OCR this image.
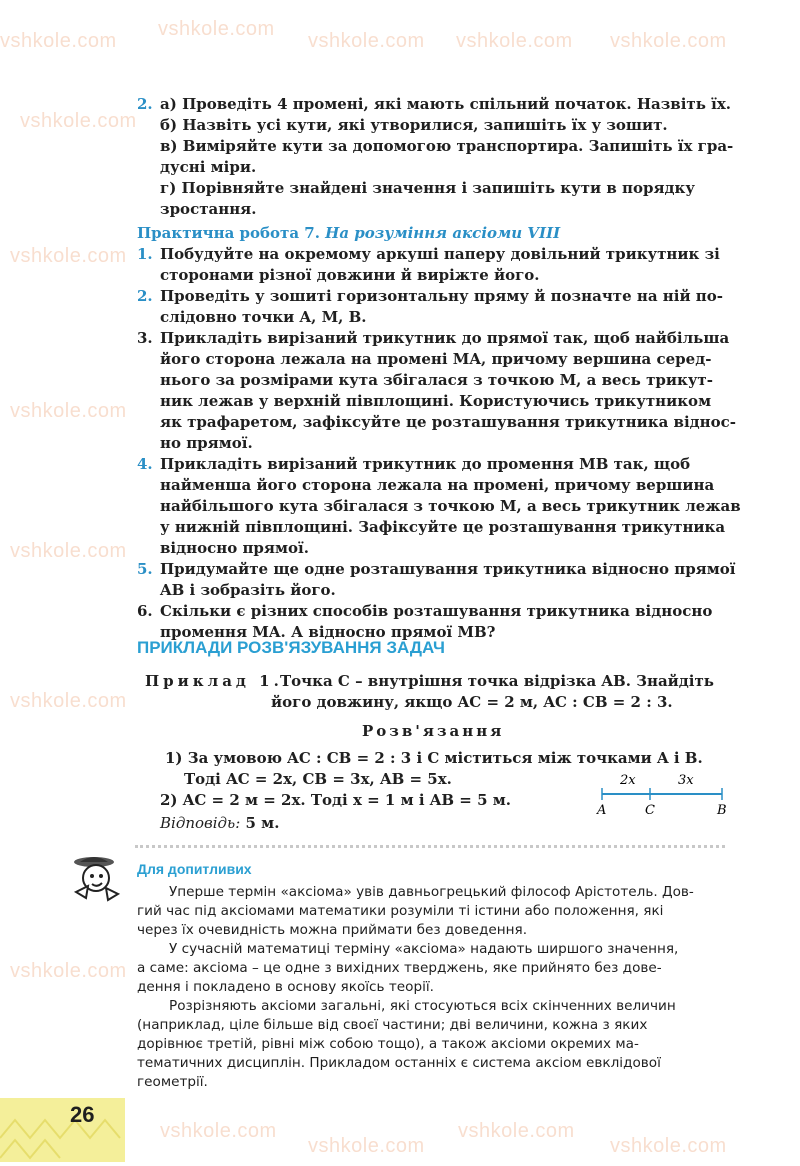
vshkole.com
vshkole.com
vshkole.com vshkole.com vshkole.com
vshkole.com
vshkole.com
vshkole.com
vshkole.com
vshkole.com
vshkole.com
vshkole.com
vshkole.com
vshkole.com
vshkole.com
2. а) Проведіть 4 промені, які мають спільний початок. Назвіть їх.
б) Назвіть усі кути, які утворилися, запишіть їх у зошит.
в) Виміряйте кути за допомогою транспортира. Запишіть їх гра-
дусні міри.
г) Порівняйте знайдені значення і запишіть кути в порядку
зростання.
Практична робота 7. На розуміння аксіоми VIII
1. Побудуйте на окремому аркуші паперу довільний трикутник зі
сторонами різної довжини й виріжте його.
2. Проведіть у зошиті горизонтальну пряму й позначте на ній по-
слідовно точки A, M, B.
3. Прикладіть вирізаний трикутник до прямої так, щоб найбільша
його сторона лежала на промені MA, причому вершина серед-
нього за розмірами кута збігалася з точкою M, а весь трикут-
ник лежав у верхній півплощині. Користуючись трикутником
як трафаретом, зафіксуйте це розташування трикутника віднос-
но прямої.
4. Прикладіть вирізаний трикутник до промення MB так, щоб
найменша його сторона лежала на промені, причому вершина
найбільшого кута збігалася з точкою M, а весь трикутник лежав
у нижній півплощині. Зафіксуйте це розташування трикутника
відносно прямої.
5. Придумайте ще одне розташування трикутника відносно прямої
AB і зобразіть його.
6. Скільки є різних способів розташування трикутника відносно
промення MA. А відносно прямої MB?
ПРИКЛАДИ РОЗВ'ЯЗУВАННЯ ЗАДАЧ
Приклад 1.
Точка C – внутрішня точка відрізка AB. Знайдіть
його довжину, якщо AC = 2 м, AC : CB = 2 : 3.
Розв'язання
1) За умовою AC : CB = 2 : 3 і C міститься між точками A і B.
Тоді AC = 2x, CB = 3x, AB = 5x.
2) AC = 2 м = 2x. Тоді x = 1 м і AB = 5 м.
Відповідь: 5 м.
2x	3x
A	C	B
Для допитливих
Уперше термін «аксіома» увів давньогрецький філософ Арістотель. Дов-
гий час під аксіомами математики розуміли ті істини або положення, які
через їх очевидність можна приймати без доведення.
У сучасній математиці терміну «аксіома» надають ширшого значення,
а саме: аксіома – це одне з вихідних тверджень, яке прийнято без дове-
дення і покладено в основу якоїсь теорії.
Розрізняють аксіоми загальні, які стосуються всіх скінченних величин
(наприклад, ціле більше від своєї частини; дві величини, кожна з яких
дорівнює третій, рівні між собою тощо), а також аксіоми окремих ма-
тематичних дисциплін. Прикладом останніх є система аксіом евклідової
геометрії.
26
